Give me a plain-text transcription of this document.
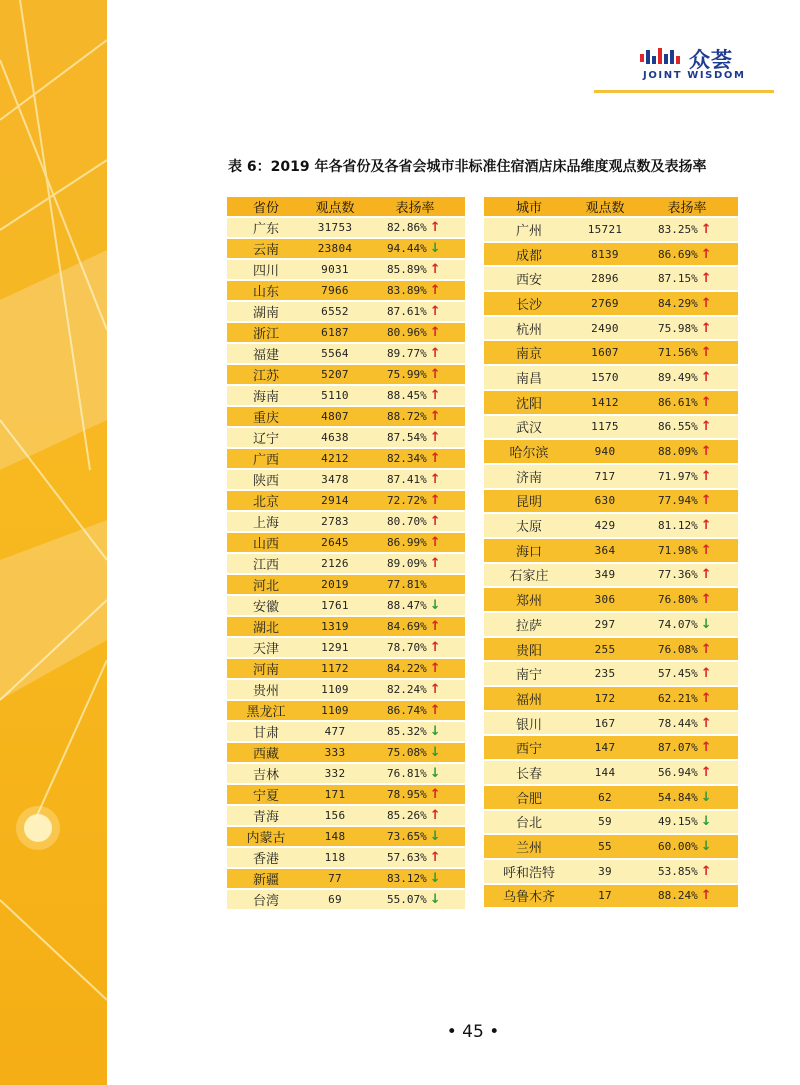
众荟
JOINT WISDOM
表 6：2019 年各省份及各省会城市非标准住宿酒店床品维度观点数及表扬率
省份	观点数	表扬率
广东	31753	82.86% ↑
云南	23804	94.44% ↓
四川	9031	85.89% ↑
山东	7966	83.89% ↑
湖南	6552	87.61% ↑
浙江	6187	80.96% ↑
福建	5564	89.77% ↑
江苏	5207	75.99% ↑
海南	5110	88.45% ↑
重庆	4807	88.72% ↑
辽宁	4638	87.54% ↑
广西	4212	82.34% ↑
陕西	3478	87.41% ↑
北京	2914	72.72% ↑
上海	2783	80.70% ↑
山西	2645	86.99% ↑
江西	2126	89.09% ↑
河北	2019	77.81%
安徽	1761	88.47% ↓
湖北	1319	84.69% ↑
天津	1291	78.70% ↑
河南	1172	84.22% ↑
贵州	1109	82.24% ↑
黑龙江	1109	86.74% ↑
甘肃	477	85.32% ↓
西藏	333	75.08% ↓
吉林	332	76.81% ↓
宁夏	171	78.95% ↑
青海	156	85.26% ↑
内蒙古	148	73.65% ↓
香港	118	57.63% ↑
新疆	77	83.12% ↓
台湾	69	55.07% ↓
城市	观点数	表扬率
广州	15721	83.25% ↑
成都	8139	86.69% ↑
西安	2896	87.15% ↑
长沙	2769	84.29% ↑
杭州	2490	75.98% ↑
南京	1607	71.56% ↑
南昌	1570	89.49% ↑
沈阳	1412	86.61% ↑
武汉	1175	86.55% ↑
哈尔滨	940	88.09% ↑
济南	717	71.97% ↑
昆明	630	77.94% ↑
太原	429	81.12% ↑
海口	364	71.98% ↑
石家庄	349	77.36% ↑
郑州	306	76.80% ↑
拉萨	297	74.07% ↓
贵阳	255	76.08% ↑
南宁	235	57.45% ↑
福州	172	62.21% ↑
银川	167	78.44% ↑
西宁	147	87.07% ↑
长春	144	56.94% ↑
合肥	62	54.84% ↓
台北	59	49.15% ↓
兰州	55	60.00% ↓
呼和浩特	39	53.85% ↑
乌鲁木齐	17	88.24% ↑
• 45 •
